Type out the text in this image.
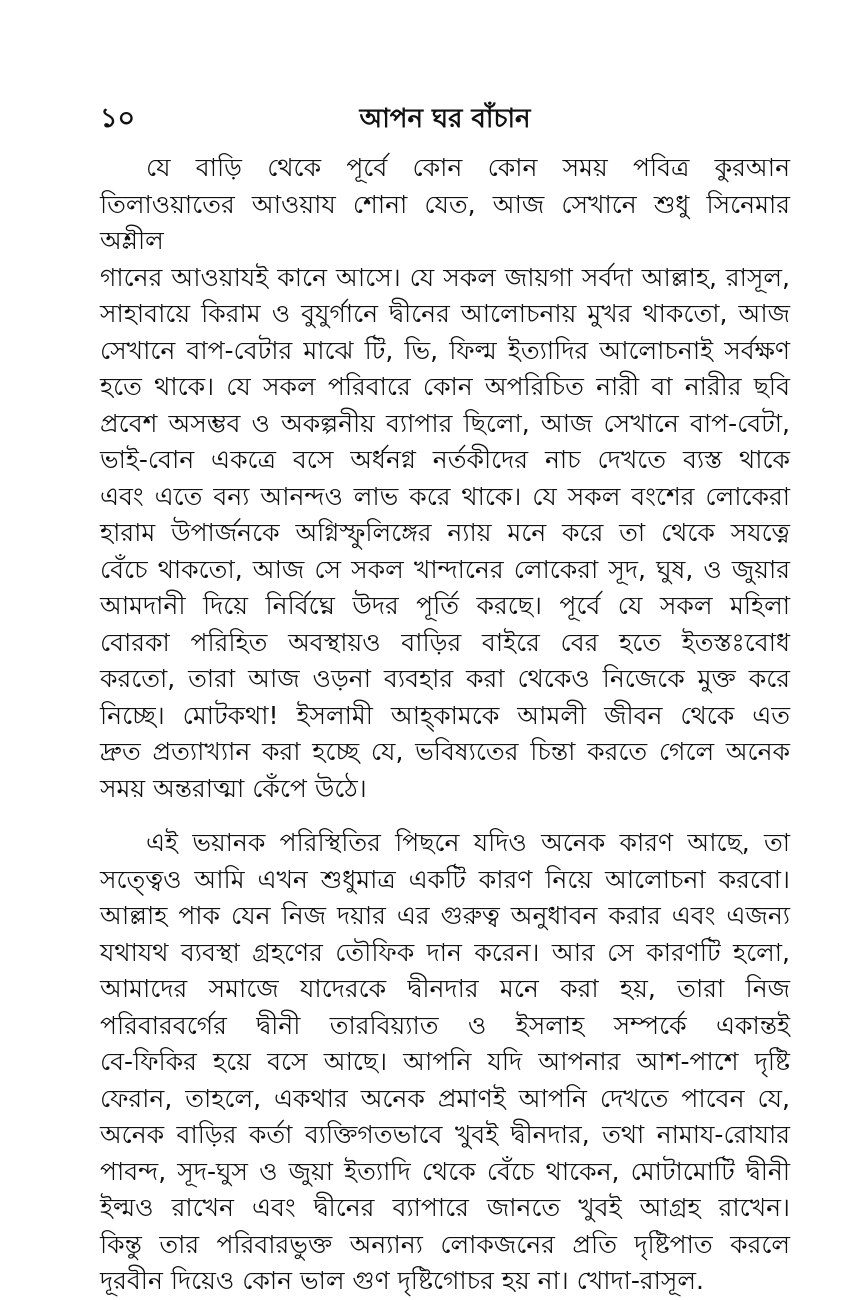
১০	আপন ঘর বাঁচান

যে বাড়ি থেকে পূর্বে কোন কোন সময় পবিত্র কুরআন
তিলাওয়াতের আওয়ায শোনা যেত, আজ সেখানে শুধু সিনেমার অশ্লীল
গানের আওয়াযই কানে আসে। যে সকল জায়গা সর্বদা আল্লাহ, রাসূল,
সাহাবায়ে কিরাম ও বুযুর্গানে দ্বীনের আলোচনায় মুখর থাকতো, আজ
সেখানে বাপ-বেটার মাঝে টি, ভি, ফিল্ম ইত্যাদির আলোচনাই সর্বক্ষণ
হতে থাকে। যে সকল পরিবারে কোন অপরিচিত নারী বা নারীর ছবি
প্রবেশ অসম্ভব ও অকল্পনীয় ব্যাপার ছিলো, আজ সেখানে বাপ-বেটা,
ভাই-বোন একত্রে বসে অর্ধনগ্ন নর্তকীদের নাচ দেখতে ব্যস্ত থাকে
এবং এতে বন্য আনন্দও লাভ করে থাকে। যে সকল বংশের লোকেরা
হারাম উপার্জনকে অগ্নিস্ফুলিঙ্গের ন্যায় মনে করে তা থেকে সযত্নে
বেঁচে থাকতো, আজ সে সকল খান্দানের লোকেরা সূদ, ঘুষ, ও জুয়ার
আমদানী দিয়ে নির্বিঘ্নে উদর পূর্তি করছে। পূর্বে যে সকল মহিলা
বোরকা পরিহিত অবস্থায়ও বাড়ির বাইরে বের হতে ইতস্তঃবোধ
করতো, তারা আজ ওড়না ব্যবহার করা থেকেও নিজেকে মুক্ত করে
নিচ্ছে। মোটকথা! ইসলামী আহ্কামকে আমলী জীবন থেকে এত
দ্রুত প্রত্যাখ্যান করা হচ্ছে যে, ভবিষ্যতের চিন্তা করতে গেলে অনেক
সময় অন্তরাত্মা কেঁপে উঠে।

এই ভয়ানক পরিস্থিতির পিছনে যদিও অনেক কারণ আছে, তা
সত্ত্বেও আমি এখন শুধুমাত্র একটি কারণ নিয়ে আলোচনা করবো।
আল্লাহ পাক যেন নিজ দয়ার এর গুরুত্ব অনুধাবন করার এবং এজন্য
যথাযথ ব্যবস্থা গ্রহণের তৌফিক দান করেন। আর সে কারণটি হলো,
আমাদের সমাজে যাদেরকে দ্বীনদার মনে করা হয়, তারা নিজ
পরিবারবর্গের দ্বীনী তারবিয়্যাত ও ইসলাহ সম্পর্কে একান্তই
বে-ফিকির হয়ে বসে আছে। আপনি যদি আপনার আশ-পাশে দৃষ্টি
ফেরান, তাহলে, একথার অনেক প্রমাণই আপনি দেখতে পাবেন যে,
অনেক বাড়ির কর্তা ব্যক্তিগতভাবে খুবই দ্বীনদার, তথা নামায-রোযার
পাবন্দ, সূদ-ঘুস ও জুয়া ইত্যাদি থেকে বেঁচে থাকেন, মোটামোটি দ্বীনী
ইল্মও রাখেন এবং দ্বীনের ব্যাপারে জানতে খুবই আগ্রহ রাখেন।
কিন্তু তার পরিবারভুক্ত অন্যান্য লোকজনের প্রতি দৃষ্টিপাত করলে
দূরবীন দিয়েও কোন ভাল গুণ দৃষ্টিগোচর হয় না। খোদা-রাসূল.
